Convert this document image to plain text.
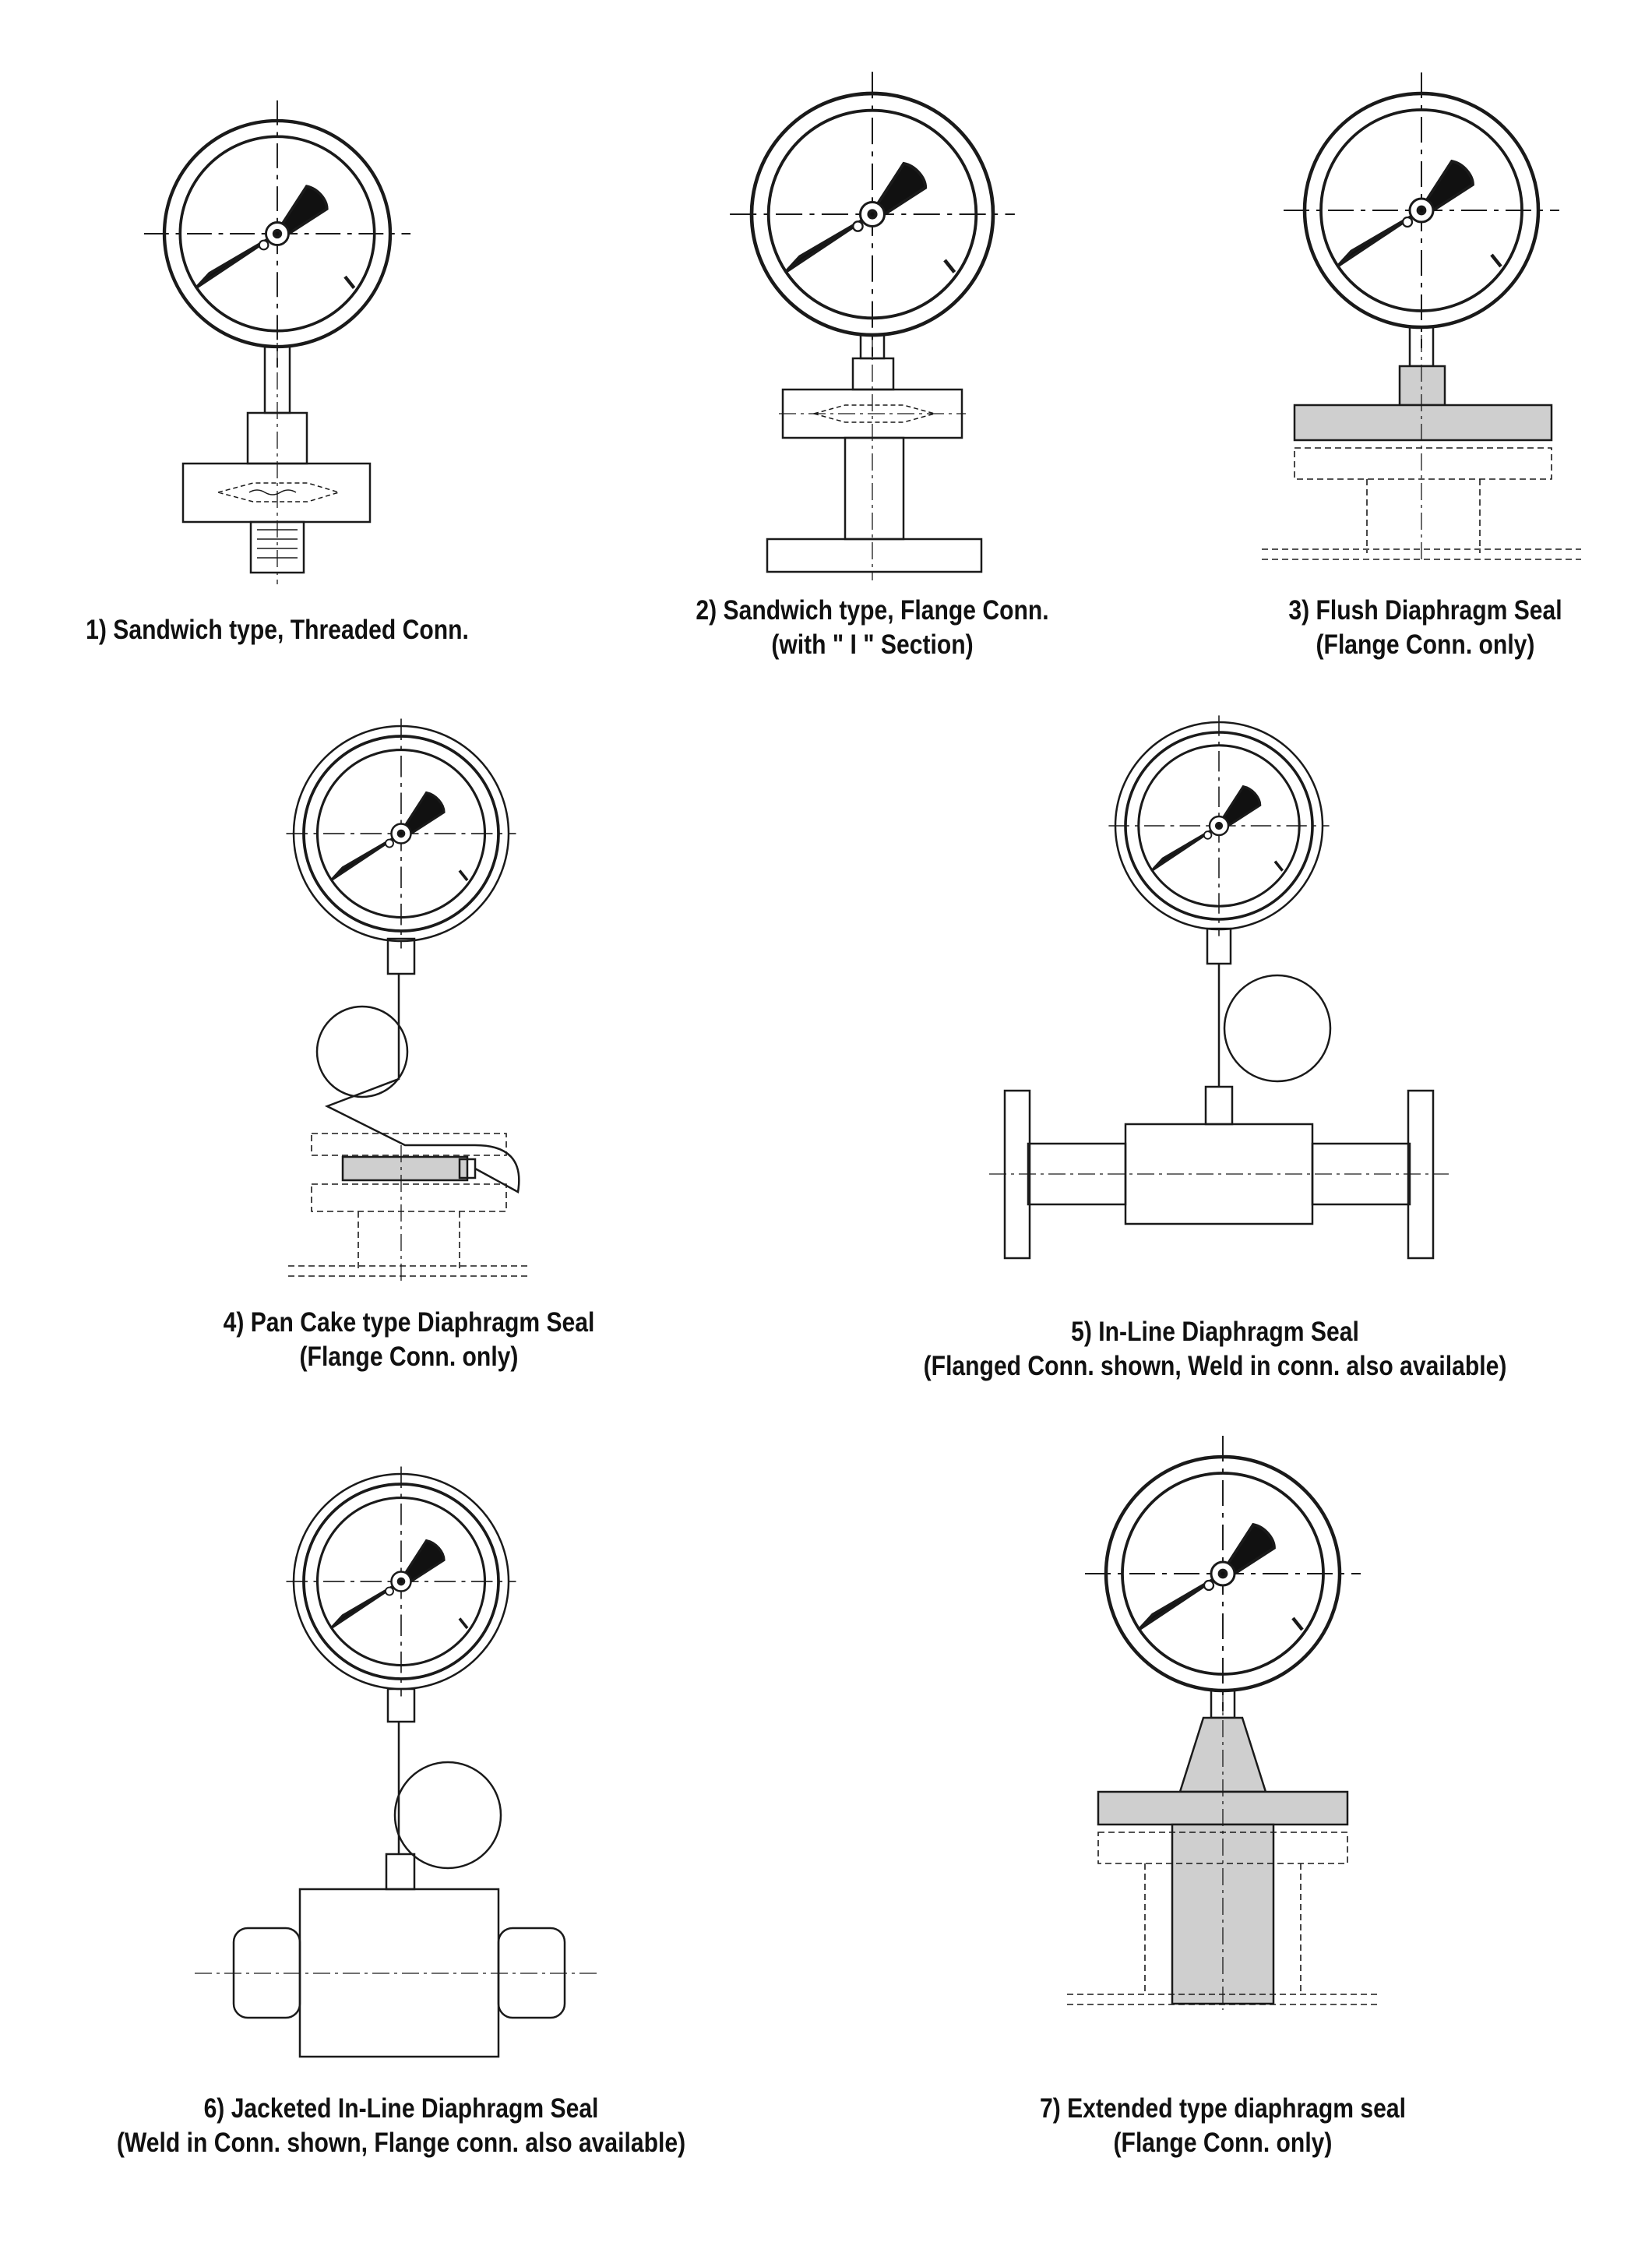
1) Sandwich type, Threaded Conn.
2) Sandwich type, Flange Conn.
(with " I " Section)
3) Flush Diaphragm Seal
(Flange Conn. only)
4) Pan Cake type Diaphragm Seal
(Flange Conn. only)
5) In-Line Diaphragm Seal
(Flanged Conn. shown, Weld in conn. also available)
6) Jacketed In-Line Diaphragm Seal
(Weld in Conn. shown, Flange conn. also available)
7) Extended type diaphragm seal
(Flange Conn. only)
